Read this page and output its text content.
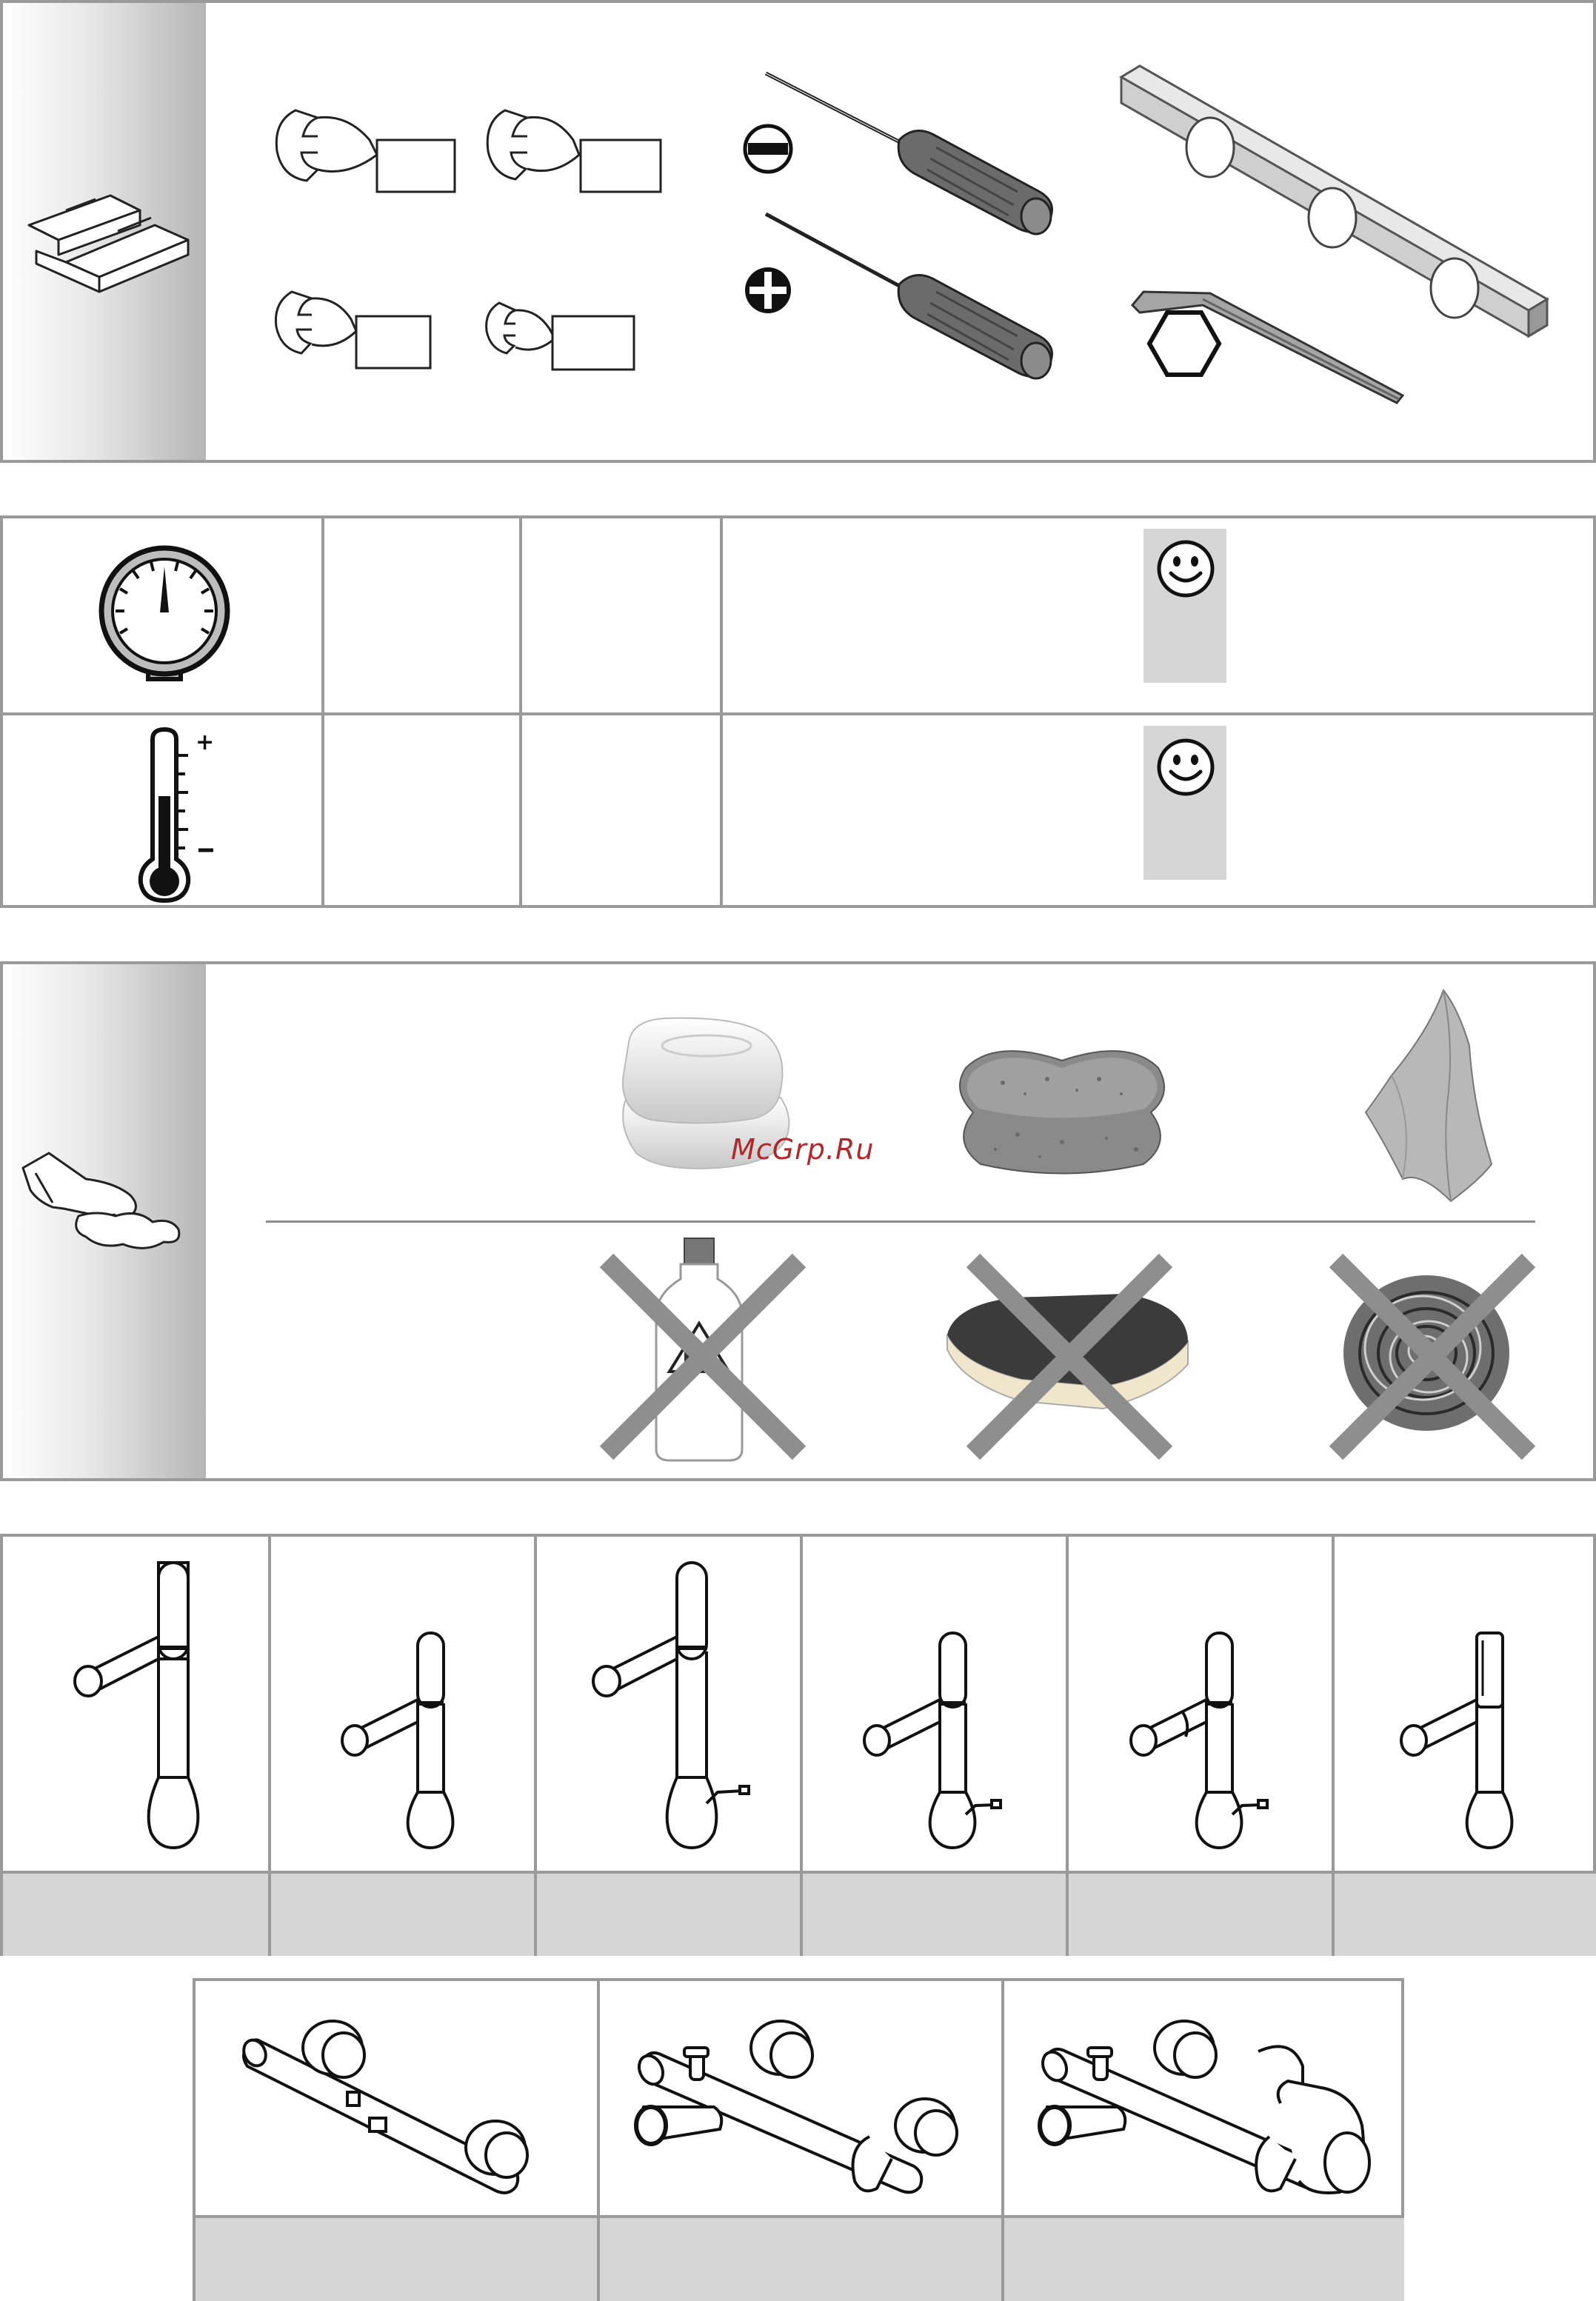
+
McGrp.Ru
